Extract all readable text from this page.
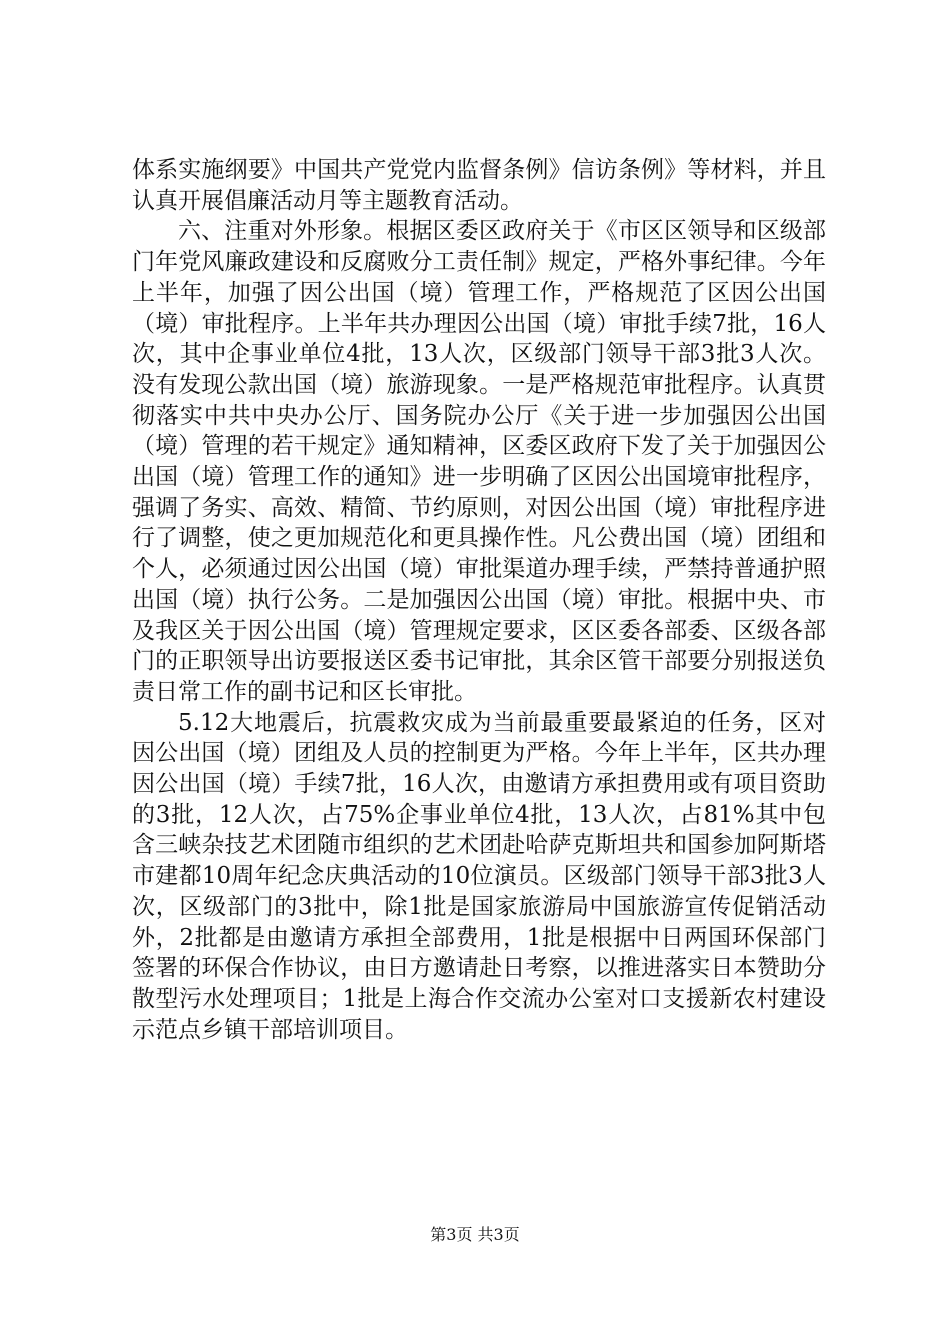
体系实施纲要》中国共产党党内监督条例》信访条例》等材料，并且认真开展倡廉活动月等主题教育活动。

六、注重对外形象。根据区委区政府关于《市区区领导和区级部门年党风廉政建设和反腐败分工责任制》规定，严格外事纪律。今年上半年，加强了因公出国（境）管理工作，严格规范了区因公出国（境）审批程序。上半年共办理因公出国（境）审批手续7批，16人次，其中企事业单位4批，13人次，区级部门领导干部3批3人次。没有发现公款出国（境）旅游现象。一是严格规范审批程序。认真贯彻落实中共中央办公厅、国务院办公厅《关于进一步加强因公出国（境）管理的若干规定》通知精神，区委区政府下发了关于加强因公出国（境）管理工作的通知》进一步明确了区因公出国境审批程序，强调了务实、高效、精简、节约原则，对因公出国（境）审批程序进行了调整，使之更加规范化和更具操作性。凡公费出国（境）团组和个人，必须通过因公出国（境）审批渠道办理手续，严禁持普通护照出国（境）执行公务。二是加强因公出国（境）审批。根据中央、市及我区关于因公出国（境）管理规定要求，区区委各部委、区级各部门的正职领导出访要报送区委书记审批，其余区管干部要分别报送负责日常工作的副书记和区长审批。

5.12大地震后，抗震救灾成为当前最重要最紧迫的任务，区对因公出国（境）团组及人员的控制更为严格。今年上半年，区共办理因公出国（境）手续7批，16人次，由邀请方承担费用或有项目资助的3批，12人次，占75%企事业单位4批，13人次，占81%其中包含三峡杂技艺术团随市组织的艺术团赴哈萨克斯坦共和国参加阿斯塔市建都10周年纪念庆典活动的10位演员。区级部门领导干部3批3人次，区级部门的3批中，除1批是国家旅游局中国旅游宣传促销活动外，2批都是由邀请方承担全部费用，1批是根据中日两国环保部门签署的环保合作协议，由日方邀请赴日考察，以推进落实日本赞助分散型污水处理项目；1批是上海合作交流办公室对口支援新农村建设示范点乡镇干部培训项目。

第3页 共3页
